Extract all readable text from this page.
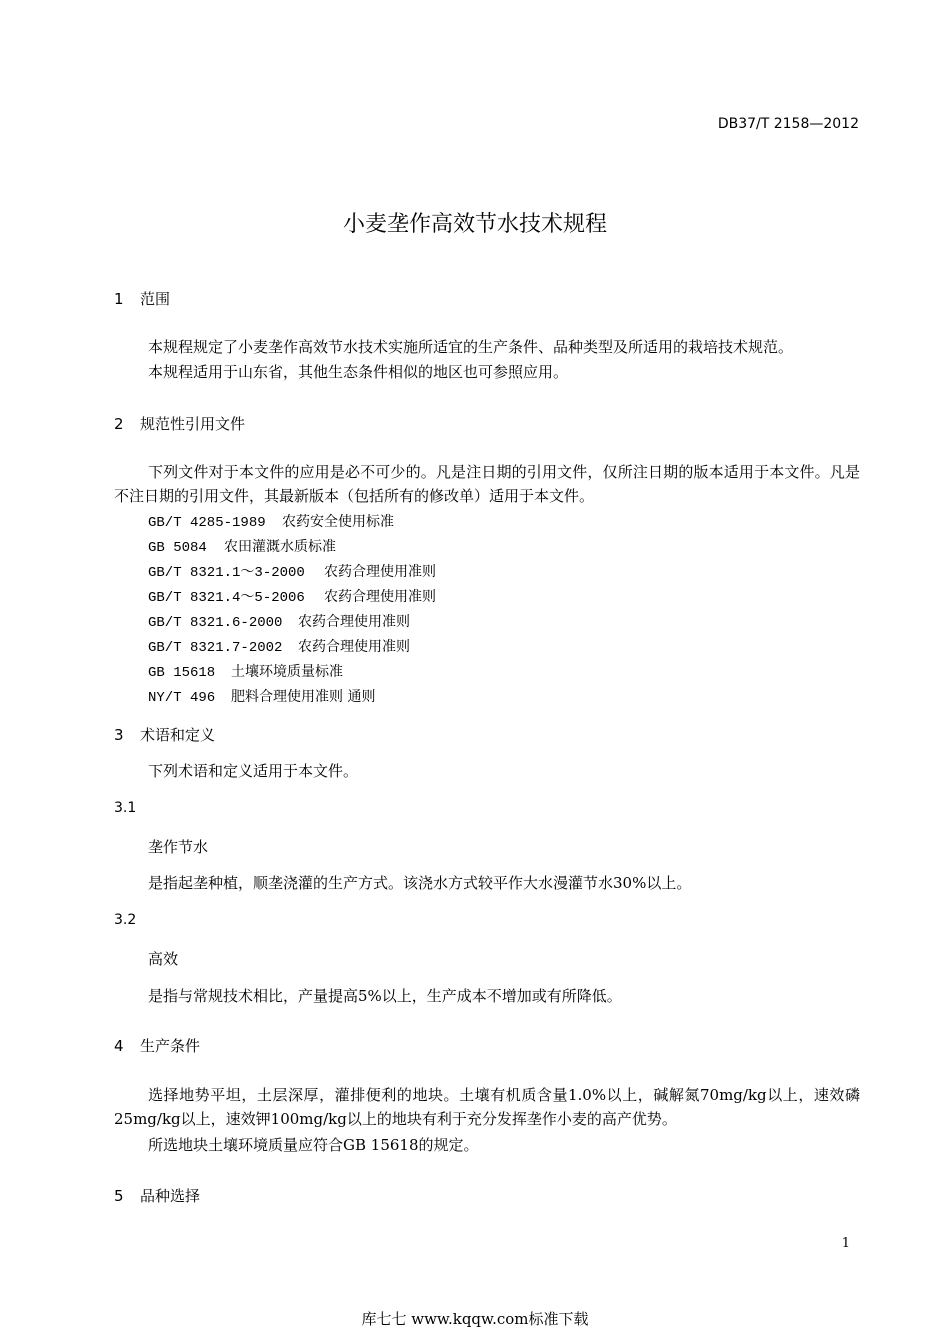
DB37/T 2158—2012
小麦垄作高效节水技术规程
1 范围
本规程规定了小麦垄作高效节水技术实施所适宜的生产条件、品种类型及所适用的栽培技术规范。
本规程适用于山东省，其他生态条件相似的地区也可参照应用。
2 规范性引用文件
下列文件对于本文件的应用是必不可少的。凡是注日期的引用文件，仅所注日期的版本适用于本文件。凡是不注日期的引用文件，其最新版本（包括所有的修改单）适用于本文件。
GB/T 4285-1989 农药安全使用标准
GB 5084 农田灌溉水质标准
GB/T 8321.1～3-2000 农药合理使用准则
GB/T 8321.4～5-2006 农药合理使用准则
GB/T 8321.6-2000 农药合理使用准则
GB/T 8321.7-2002 农药合理使用准则
GB 15618 土壤环境质量标准
NY/T 496 肥料合理使用准则 通则
3 术语和定义
下列术语和定义适用于本文件。
3.1
垄作节水
是指起垄种植，顺垄浇灌的生产方式。该浇水方式较平作大水漫灌节水30%以上。
3.2
高效
是指与常规技术相比，产量提高5%以上，生产成本不增加或有所降低。
4 生产条件
选择地势平坦，土层深厚，灌排便利的地块。土壤有机质含量1.0%以上，碱解氮70mg/kg以上，速效磷25mg/kg以上，速效钾100mg/kg以上的地块有利于充分发挥垄作小麦的高产优势。
所选地块土壤环境质量应符合GB 15618的规定。
5 品种选择
1
库七七 www.kqqw.com标准下载
